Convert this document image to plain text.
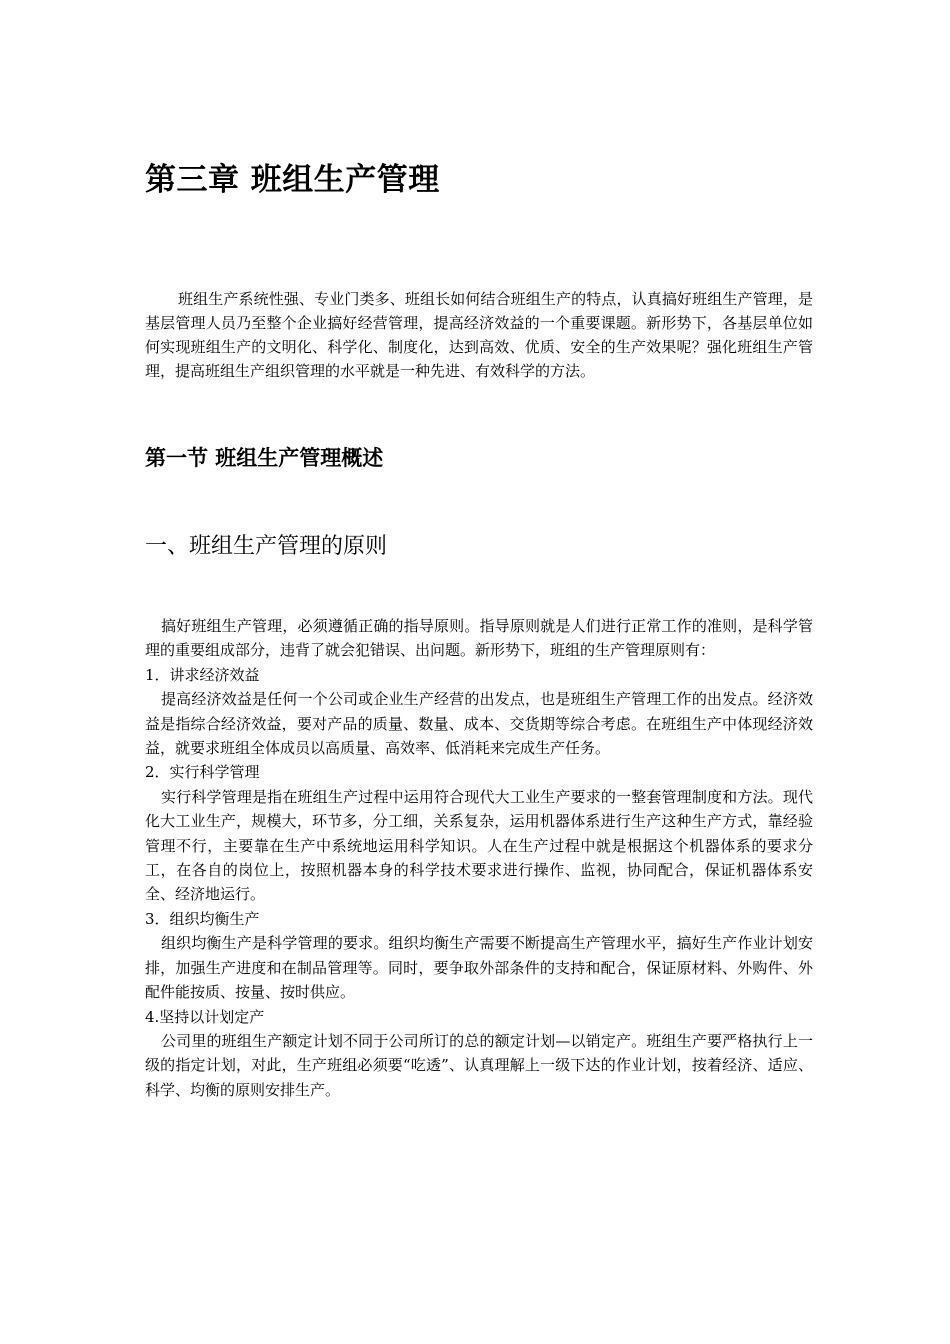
第三章 班组生产管理

班组生产系统性强、专业门类多、班组长如何结合班组生产的特点，认真搞好班组生产管理，是基层管理人员乃至整个企业搞好经营管理，提高经济效益的一个重要课题。新形势下，各基层单位如何实现班组生产的文明化、科学化、制度化，达到高效、优质、安全的生产效果呢？强化班组生产管理，提高班组生产组织管理的水平就是一种先进、有效科学的方法。

第一节 班组生产管理概述
一、班组生产管理的原则

搞好班组生产管理，必须遵循正确的指导原则。指导原则就是人们进行正常工作的准则，是科学管理的重要组成部分，违背了就会犯错误、出问题。新形势下，班组的生产管理原则有：

1．讲求经济效益

提高经济效益是任何一个公司或企业生产经营的出发点，也是班组生产管理工作的出发点。经济效益是指综合经济效益，要对产品的质量、数量、成本、交货期等综合考虑。在班组生产中体现经济效益，就要求班组全体成员以高质量、高效率、低消耗来完成生产任务。

2．实行科学管理

实行科学管理是指在班组生产过程中运用符合现代大工业生产要求的一整套管理制度和方法。现代化大工业生产，规模大，环节多，分工细，关系复杂，运用机器体系进行生产这种生产方式，靠经验管理不行，主要靠在生产中系统地运用科学知识。人在生产过程中就是根据这个机器体系的要求分工，在各自的岗位上，按照机器本身的科学技术要求进行操作、监视，协同配合，保证机器体系安全、经济地运行。

3．组织均衡生产

组织均衡生产是科学管理的要求。组织均衡生产需要不断提高生产管理水平，搞好生产作业计划安排，加强生产进度和在制品管理等。同时，要争取外部条件的支持和配合，保证原材料、外购件、外配件能按质、按量、按时供应。

4.坚持以计划定产

公司里的班组生产额定计划不同于公司所订的总的额定计划—以销定产。班组生产要严格执行上一级的指定计划，对此，生产班组必须要“吃透”、认真理解上一级下达的作业计划，按着经济、适应、科学、均衡的原则安排生产。
